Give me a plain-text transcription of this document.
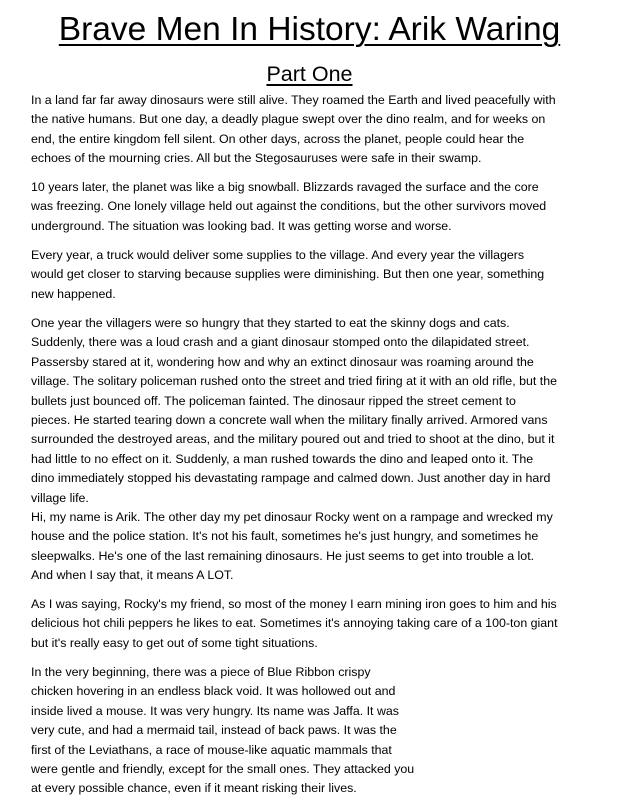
Brave Men In History: Arik Waring
Part One

In a land far far away dinosaurs were still alive. They roamed the Earth and lived peacefully with
the native humans. But one day, a deadly plague swept over the dino realm, and for weeks on
end, the entire kingdom fell silent. On other days, across the planet, people could hear the
echoes of the mourning cries. All but the Stegosauruses were safe in their swamp.

10 years later, the planet was like a big snowball. Blizzards ravaged the surface and the core
was freezing. One lonely village held out against the conditions, but the other survivors moved
underground. The situation was looking bad. It was getting worse and worse.

Every year, a truck would deliver some supplies to the village. And every year the villagers
would get closer to starving because supplies were diminishing. But then one year, something
new happened.

One year the villagers were so hungry that they started to eat the skinny dogs and cats.
Suddenly, there was a loud crash and a giant dinosaur stomped onto the dilapidated street.
Passersby stared at it, wondering how and why an extinct dinosaur was roaming around the
village. The solitary policeman rushed onto the street and tried firing at it with an old rifle, but the
bullets just bounced off. The policeman fainted. The dinosaur ripped the street cement to
pieces. He started tearing down a concrete wall when the military finally arrived. Armored vans
surrounded the destroyed areas, and the military poured out and tried to shoot at the dino, but it
had little to no effect on it. Suddenly, a man rushed towards the dino and leaped onto it. The
dino immediately stopped his devastating rampage and calmed down. Just another day in hard
village life.

Hi, my name is Arik. The other day my pet dinosaur Rocky went on a rampage and wrecked my
house and the police station. It's not his fault, sometimes he's just hungry, and sometimes he
sleepwalks. He's one of the last remaining dinosaurs. He just seems to get into trouble a lot.
And when I say that, it means A LOT.

As I was saying, Rocky's my friend, so most of the money I earn mining iron goes to him and his
delicious hot chili peppers he likes to eat. Sometimes it's annoying taking care of a 100-ton giant
but it's really easy to get out of some tight situations.

In the very beginning, there was a piece of Blue Ribbon crispy
chicken hovering in an endless black void. It was hollowed out and
inside lived a mouse. It was very hungry. Its name was Jaffa. It was
very cute, and had a mermaid tail, instead of back paws. It was the
first of the Leviathans, a race of mouse-like aquatic mammals that
were gentle and friendly, except for the small ones. They attacked you
at every possible chance, even if it meant risking their lives.
